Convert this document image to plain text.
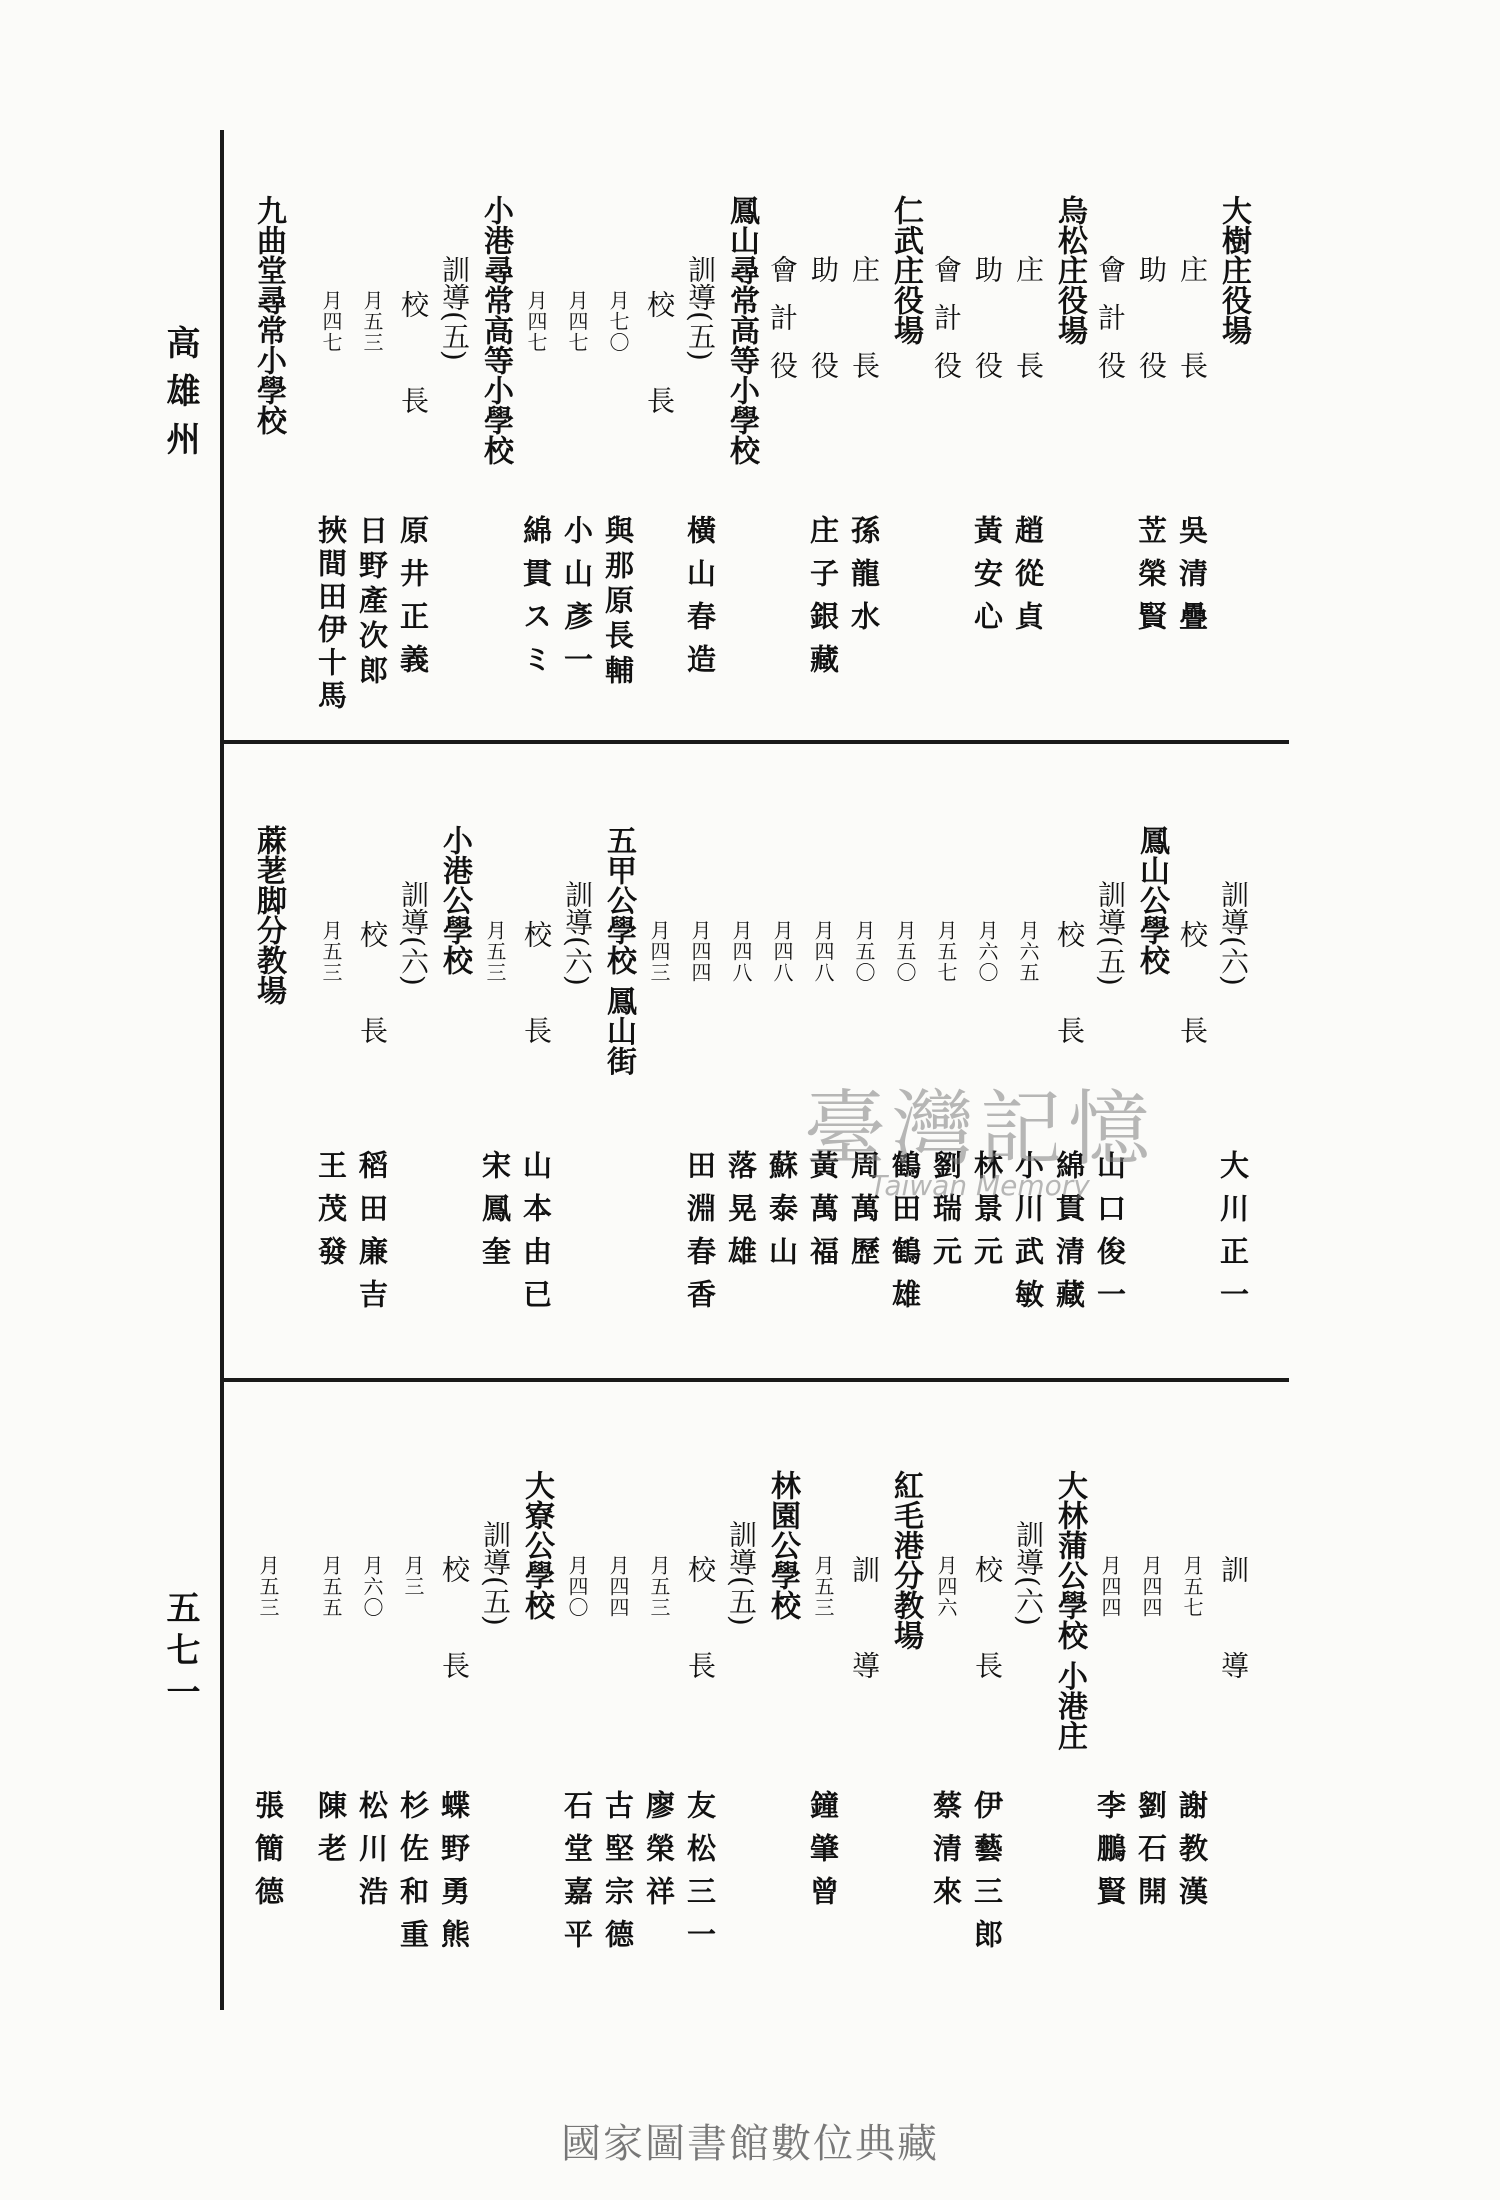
高雄州
五七一
大樹庄役場
庄　長
助　役
會計役
烏松庄役場
庄　長
助　役
會計役
仁武庄役場
庄　長
助　役
會計役
鳳山尋常高等小學校
訓導(五)
校　長
月七〇
月四七
月四七
小港尋常高等小學校
訓導(五)
校　長
月五三
月四七
九曲堂尋常小學校
吳清疊
苙榮賢
趙從貞
黃安心
孫龍水
庄子銀藏
橫山春造
與那原長輔
小山彥一
綿貫スミ
原井正義
日野產次郎
挾間田伊十馬
訓導(六)
校　長
鳳山公學校
訓導(五)
校　長
月六五
月六〇
月五七
月五〇
月五〇
月四八
月四八
月四八
月四四
月四三
五甲公學校 鳳山街
訓導(六)
校　長
月五三
小港公學校
訓導(六)
校　長
月五三
蔴荖脚分教場
大川正一
山口俊一
綿貫清藏
小川武敏
林景元
劉瑞元
鶴田鶴雄
周萬歷
黃萬福
蘇泰山
落晃雄
田淵春香
山本由已
宋鳳奎
稻田廉吉
王茂發
訓　導
月五七
月四四
月四四
大林蒲公學校 小港庄
訓導(六)
校　長
月四六
紅毛港分教場
訓　導
月五三
林園公學校
訓導(五)
校　長
月五三
月四四
月四〇
大寮公學校
訓導(五)
校　長
月三
月六〇
月五五
月五三
謝教漢
劉石開
李鵬賢
伊藝三郎
蔡清來
鐘肇曾
友松三一
廖榮祥
古堅宗德
石堂嘉平
蝶野勇熊
杉佐和重
松川浩
陳老
張簡德
臺灣記憶
Taiwan Memory
國家圖書館數位典藏
